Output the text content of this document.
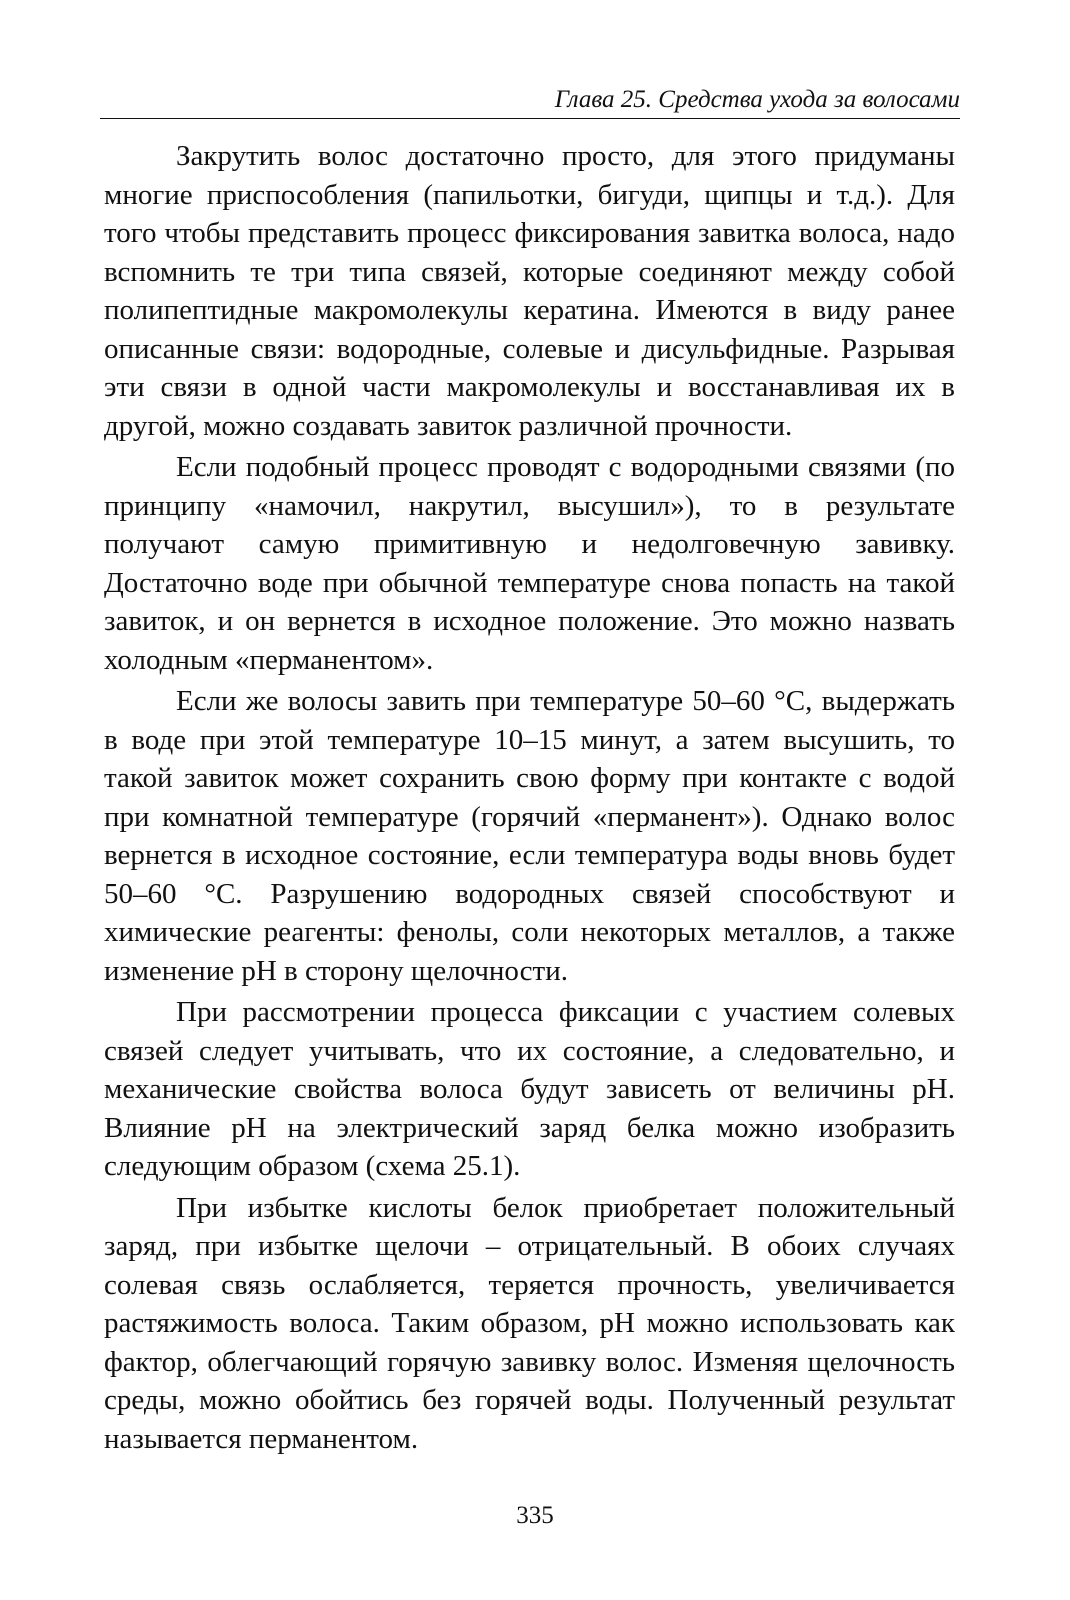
Глава 25. Средства ухода за волосами

Закрутить волос достаточно просто, для этого придуманы многие приспособления (папильотки, бигуди, щипцы и т.д.). Для того чтобы представить процесс фиксирования завитка волоса, надо вспомнить те три типа связей, которые соединяют между собой полипептидные макромолекулы кератина. Имеются в виду ранее описанные связи: водородные, солевые и дисульфидные. Разрывая эти связи в одной части макромолекулы и восстанавливая их в другой, можно создавать завиток различной прочности.

Если подобный процесс проводят с водородными связями (по принципу «намочил, накрутил, высушил»), то в результате получают самую примитивную и недолговечную завивку. Достаточно воде при обычной температуре снова попасть на такой завиток, и он вернется в исходное положение. Это можно назвать холодным «перманентом».

Если же волосы завить при температуре 50–60 °C, выдержать в воде при этой температуре 10–15 минут, а затем высушить, то такой завиток может сохранить свою форму при контакте с водой при комнатной температуре (горячий «перманент»). Однако волос вернется в исходное состояние, если температура воды вновь будет 50–60 °C. Разрушению водородных связей способствуют и химические реагенты: фенолы, соли некоторых металлов, а также изменение pH в сторону щелочности.

При рассмотрении процесса фиксации с участием солевых связей следует учитывать, что их состояние, а следовательно, и механические свойства волоса будут зависеть от величины pH. Влияние pH на электрический заряд белка можно изобразить следующим образом (схема 25.1).

При избытке кислоты белок приобретает положительный заряд, при избытке щелочи – отрицательный. В обоих случаях солевая связь ослабляется, теряется прочность, увеличивается растяжимость волоса. Таким образом, pH можно использовать как фактор, облегчающий горячую завивку волос. Изменяя щелочность среды, можно обойтись без горячей воды. Полученный результат называется перманентом.

335
